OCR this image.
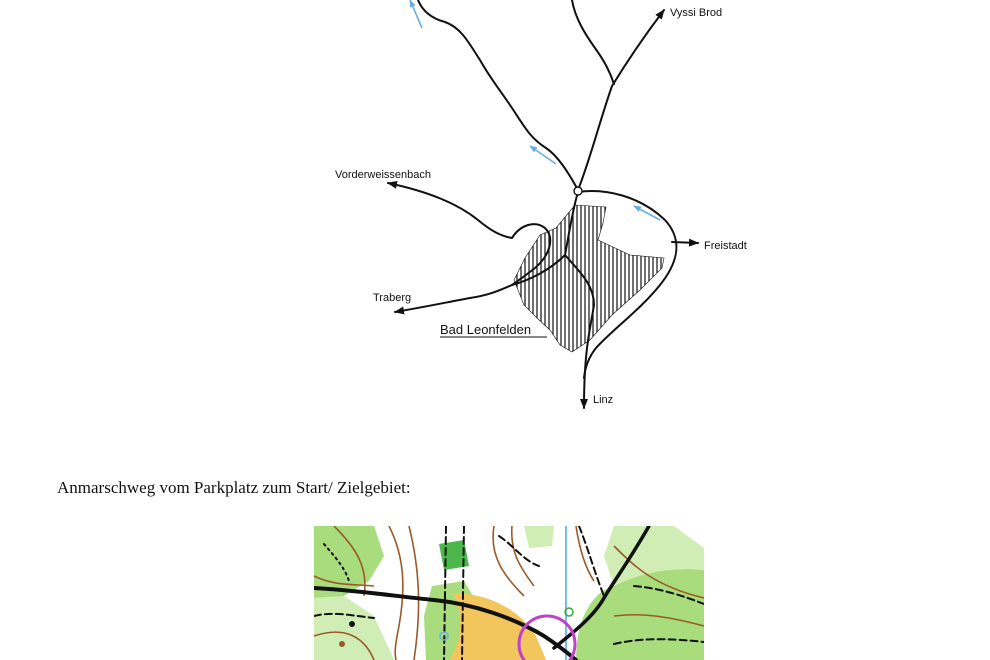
Vyssi Brod
Vorderweissenbach
Freistadt
Traberg
Bad Leonfelden
Linz
Anmarschweg vom Parkplatz zum Start/ Zielgebiet:
